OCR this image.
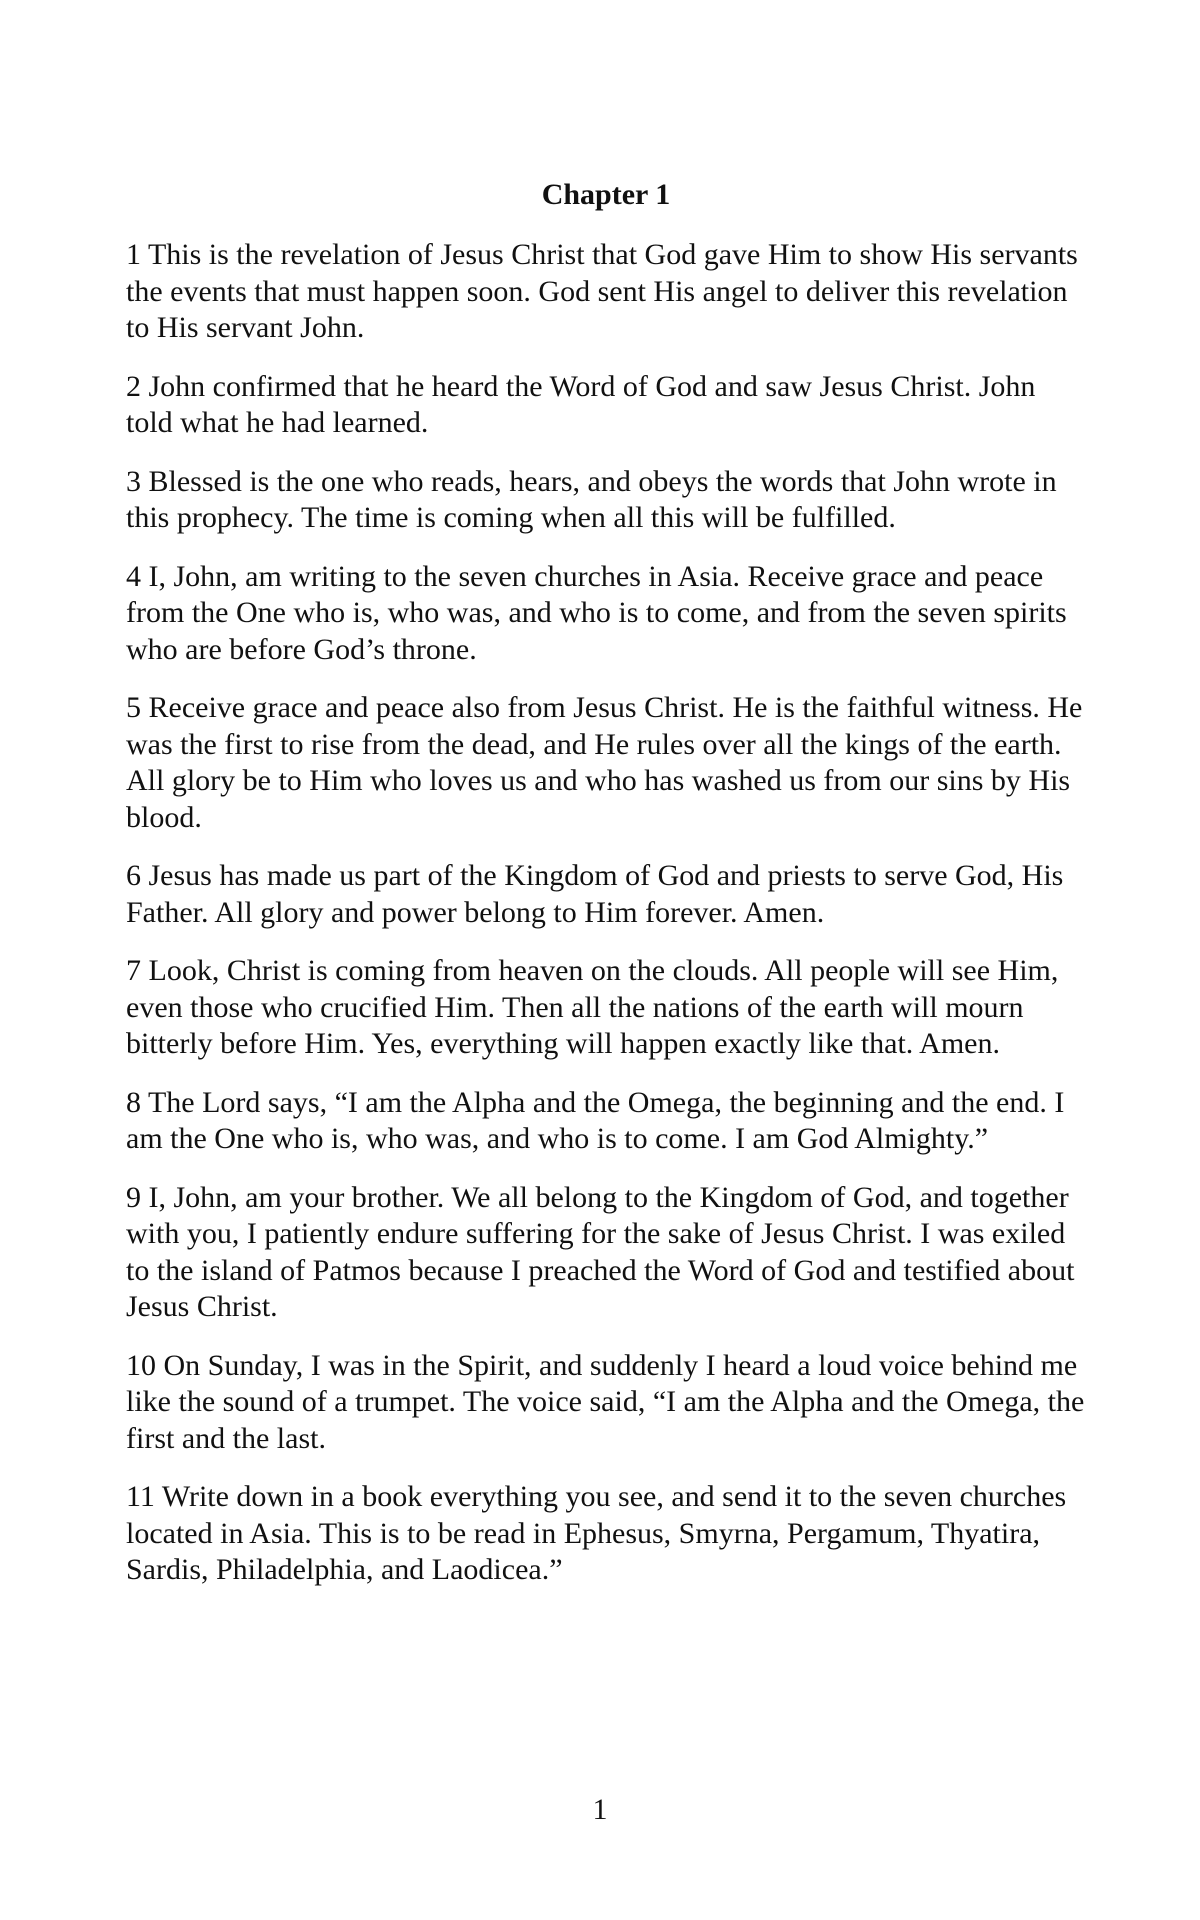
Chapter 1

1 This is the revelation of Jesus Christ that God gave Him to show His servants the events that must happen soon. God sent His angel to deliver this revelation to His servant John.

2 John confirmed that he heard the Word of God and saw Jesus Christ. John told what he had learned.

3 Blessed is the one who reads, hears, and obeys the words that John wrote in this prophecy. The time is coming when all this will be fulfilled.

4 I, John, am writing to the seven churches in Asia. Receive grace and peace from the One who is, who was, and who is to come, and from the seven spirits who are before God’s throne.

5 Receive grace and peace also from Jesus Christ. He is the faithful witness. He was the first to rise from the dead, and He rules over all the kings of the earth. All glory be to Him who loves us and who has washed us from our sins by His blood.

6 Jesus has made us part of the Kingdom of God and priests to serve God, His Father. All glory and power belong to Him forever. Amen.

7 Look, Christ is coming from heaven on the clouds. All people will see Him, even those who crucified Him. Then all the nations of the earth will mourn bitterly before Him. Yes, everything will happen exactly like that. Amen.

8 The Lord says, “I am the Alpha and the Omega, the beginning and the end. I am the One who is, who was, and who is to come. I am God Almighty.”

9 I, John, am your brother. We all belong to the Kingdom of God, and together with you, I patiently endure suffering for the sake of Jesus Christ. I was exiled to the island of Patmos because I preached the Word of God and testified about Jesus Christ.

10 On Sunday, I was in the Spirit, and suddenly I heard a loud voice behind me like the sound of a trumpet. The voice said, “I am the Alpha and the Omega, the first and the last.

11 Write down in a book everything you see, and send it to the seven churches located in Asia. This is to be read in Ephesus, Smyrna, Pergamum, Thyatira, Sardis, Philadelphia, and Laodicea.”

1
